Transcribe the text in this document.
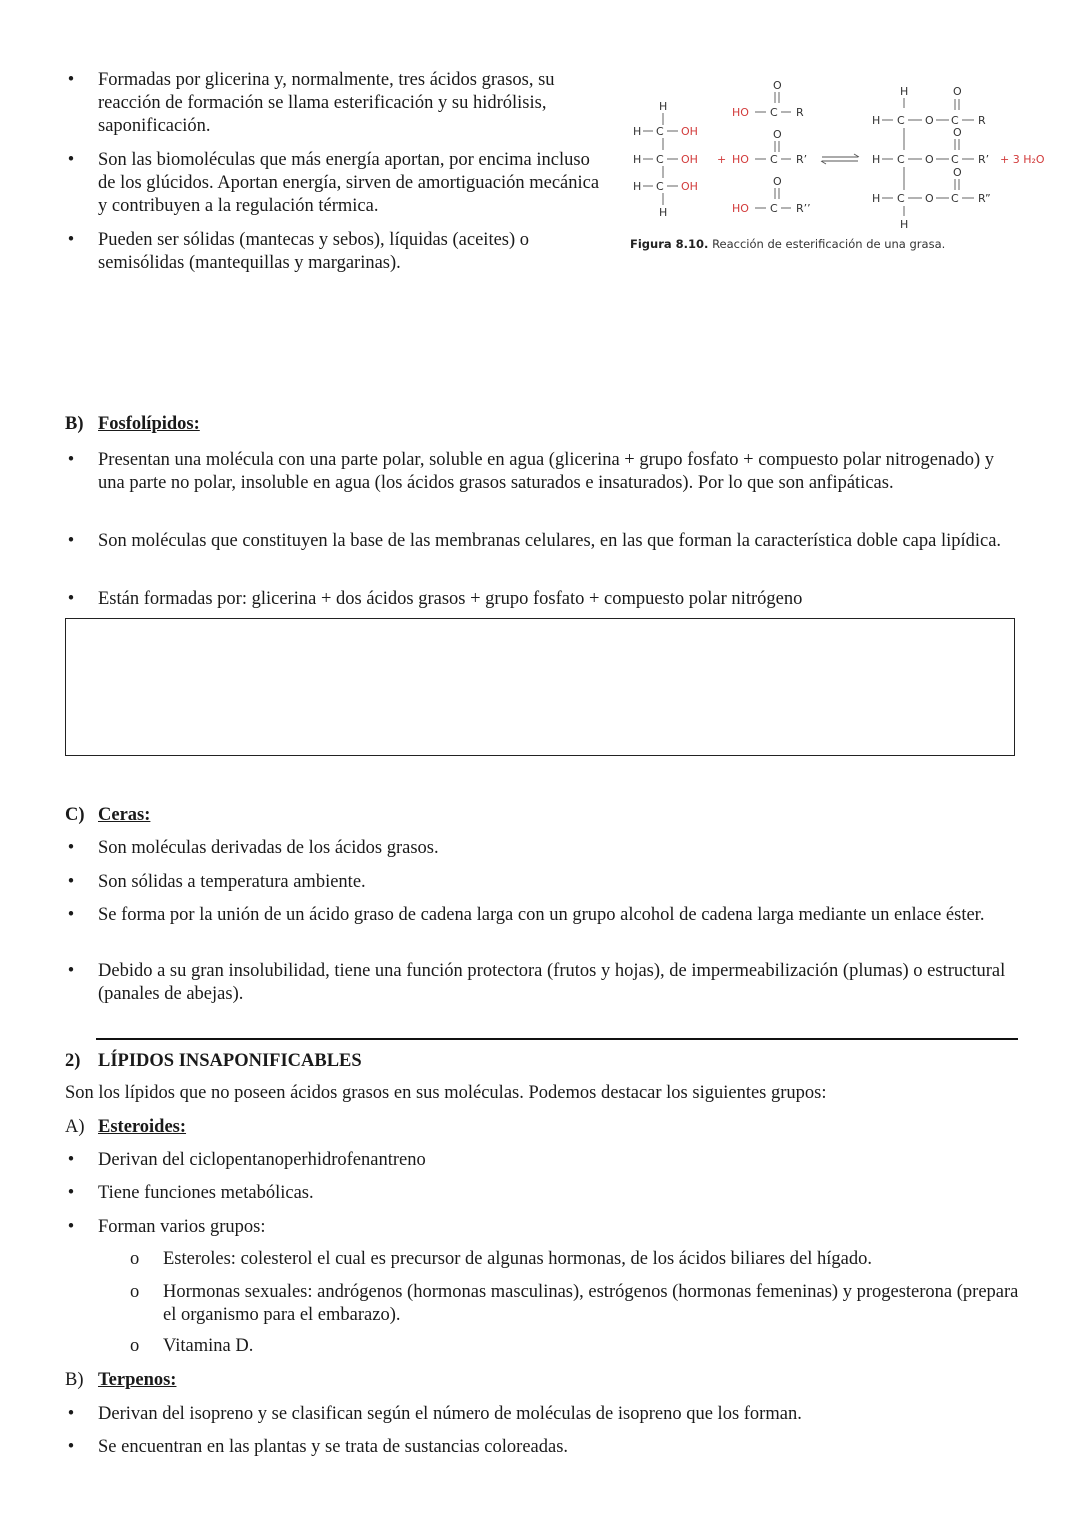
• Formadas por glicerina y, normalmente, tres ácidos grasos, su reacción de formación se llama esterificación y su hidrólisis, saponificación.
• Son las biomoléculas que más energía aportan, por encima incluso de los glúcidos. Aportan energía, sirven de amortiguación mecánica y contribuyen a la regulación térmica.
• Pueden ser sólidas (mantecas y sebos), líquidas (aceites) o semisólidas (mantequillas y margarinas).
H
H C OH
H C OH
H C OH
H
+
O
HO C R
O
HO C R’
O
HO C R’’
H
H C O C R
O
H C O C R’
O
O
H C O C R”
H
+ 3 H₂O
Figura 8.10. Reacción de esterificación de una grasa.
B) Fosfolípidos:
• Presentan una molécula con una parte polar, soluble en agua (glicerina + grupo fosfato + compuesto polar nitrogenado) y una parte no polar, insoluble en agua (los ácidos grasos saturados e insaturados). Por lo que son anfipáticas.
• Son moléculas que constituyen la base de las membranas celulares, en las que forman la característica doble capa lipídica.
• Están formadas por: glicerina + dos ácidos grasos + grupo fosfato + compuesto polar nitrógeno
C) Ceras:
• Son moléculas derivadas de los ácidos grasos.
• Son sólidas a temperatura ambiente.
• Se forma por la unión de un ácido graso de cadena larga con un grupo alcohol de cadena larga mediante un enlace éster.
• Debido a su gran insolubilidad, tiene una función protectora (frutos y hojas), de impermeabilización (plumas) o estructural (panales de abejas).
2) LÍPIDOS INSAPONIFICABLES
Son los lípidos que no poseen ácidos grasos en sus moléculas. Podemos destacar los siguientes grupos:
A) Esteroides:
• Derivan del ciclopentanoperhidrofenantreno
• Tiene funciones metabólicas.
• Forman varios grupos:
o Esteroles: colesterol el cual es precursor de algunas hormonas, de los ácidos biliares del hígado.
o Hormonas sexuales: andrógenos (hormonas masculinas), estrógenos (hormonas femeninas) y progesterona (prepara el organismo para el embarazo).
o Vitamina D.
B) Terpenos:
• Derivan del isopreno y se clasifican según el número de moléculas de isopreno que los forman.
• Se encuentran en las plantas y se trata de sustancias coloreadas.
